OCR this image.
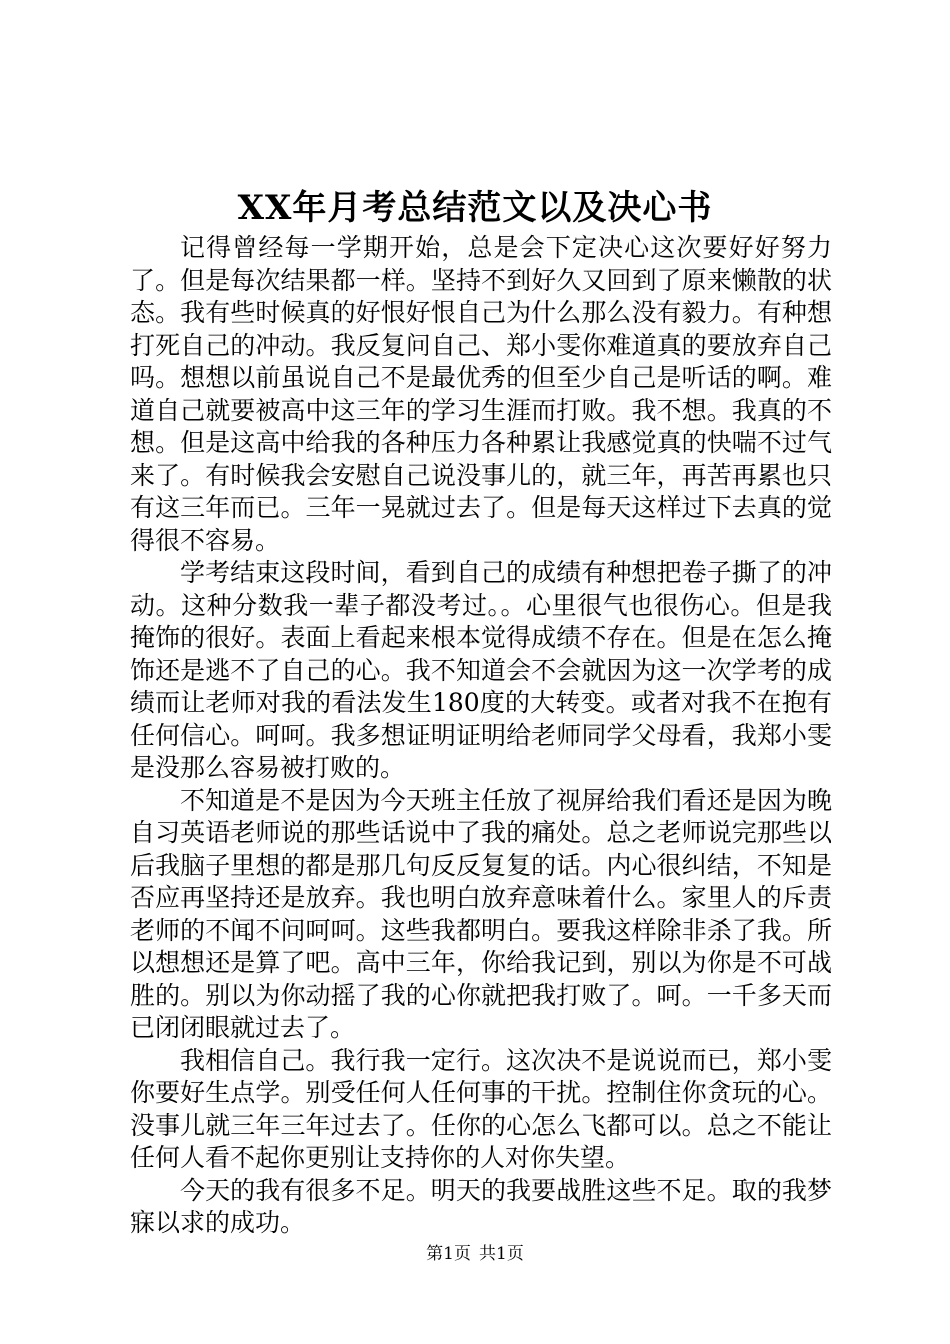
XX年月考总结范文以及决心书

记得曾经每一学期开始，总是会下定决心这次要好好努力了。但是每次结果都一样。坚持不到好久又回到了原来懒散的状态。我有些时候真的好恨好恨自己为什么那么没有毅力。有种想打死自己的冲动。我反复问自己、郑小雯你难道真的要放弃自己吗。想想以前虽说自己不是最优秀的但至少自己是听话的啊。难道自己就要被高中这三年的学习生涯而打败。我不想。我真的不想。但是这高中给我的各种压力各种累让我感觉真的快喘不过气来了。有时候我会安慰自己说没事儿的，就三年，再苦再累也只有这三年而已。三年一晃就过去了。但是每天这样过下去真的觉得很不容易。

学考结束这段时间，看到自己的成绩有种想把卷子撕了的冲动。这种分数我一辈子都没考过。。心里很气也很伤心。但是我掩饰的很好。表面上看起来根本觉得成绩不存在。但是在怎么掩饰还是逃不了自己的心。我不知道会不会就因为这一次学考的成绩而让老师对我的看法发生180度的大转变。或者对我不在抱有任何信心。呵呵。我多想证明证明给老师同学父母看，我郑小雯是没那么容易被打败的。

不知道是不是因为今天班主任放了视屏给我们看还是因为晚自习英语老师说的那些话说中了我的痛处。总之老师说完那些以后我脑子里想的都是那几句反反复复的话。内心很纠结，不知是否应再坚持还是放弃。我也明白放弃意味着什么。家里人的斥责老师的不闻不问呵呵。这些我都明白。要我这样除非杀了我。所以想想还是算了吧。高中三年，你给我记到，别以为你是不可战胜的。别以为你动摇了我的心你就把我打败了。呵。一千多天而已闭闭眼就过去了。

我相信自己。我行我一定行。这次决不是说说而已，郑小雯你要好生点学。别受任何人任何事的干扰。控制住你贪玩的心。没事儿就三年三年过去了。任你的心怎么飞都可以。总之不能让任何人看不起你更别让支持你的人对你失望。

今天的我有很多不足。明天的我要战胜这些不足。取的我梦寐以求的成功。

第1页 共1页
